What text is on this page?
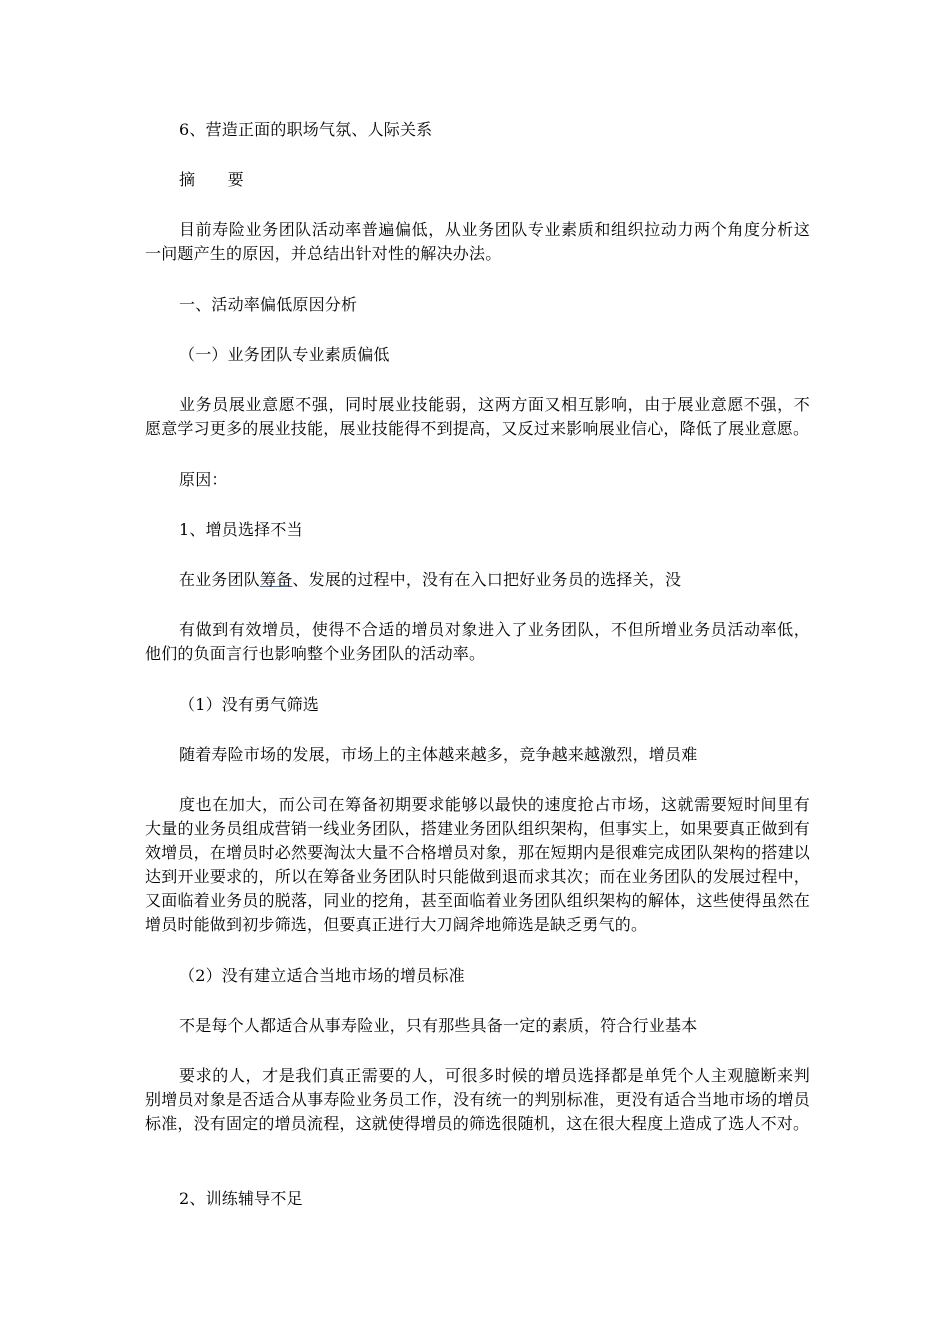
6、营造正面的职场气氛、人际关系

摘　　要

目前寿险业务团队活动率普遍偏低，从业务团队专业素质和组织拉动力两个角度分析这一问题产生的原因，并总结出针对性的解决办法。

一、活动率偏低原因分析

（一）业务团队专业素质偏低

业务员展业意愿不强，同时展业技能弱，这两方面又相互影响，由于展业意愿不强，不愿意学习更多的展业技能，展业技能得不到提高，又反过来影响展业信心，降低了展业意愿。

原因：

1、增员选择不当

在业务团队筹备、发展的过程中，没有在入口把好业务员的选择关，没

有做到有效增员，使得不合适的增员对象进入了业务团队，不但所增业务员活动率低，他们的负面言行也影响整个业务团队的活动率。

（1）没有勇气筛选

随着寿险市场的发展，市场上的主体越来越多，竞争越来越激烈，增员难

度也在加大，而公司在筹备初期要求能够以最快的速度抢占市场，这就需要短时间里有大量的业务员组成营销一线业务团队，搭建业务团队组织架构，但事实上，如果要真正做到有效增员，在增员时必然要淘汰大量不合格增员对象，那在短期内是很难完成团队架构的搭建以达到开业要求的，所以在筹备业务团队时只能做到退而求其次；而在业务团队的发展过程中，又面临着业务员的脱落，同业的挖角，甚至面临着业务团队组织架构的解体，这些使得虽然在增员时能做到初步筛选，但要真正进行大刀阔斧地筛选是缺乏勇气的。

（2）没有建立适合当地市场的增员标准

不是每个人都适合从事寿险业，只有那些具备一定的素质，符合行业基本

要求的人，才是我们真正需要的人，可很多时候的增员选择都是单凭个人主观臆断来判别增员对象是否适合从事寿险业务员工作，没有统一的判别标准，更没有适合当地市场的增员标准，没有固定的增员流程，这就使得增员的筛选很随机，这在很大程度上造成了选人不对。

2、训练辅导不足
